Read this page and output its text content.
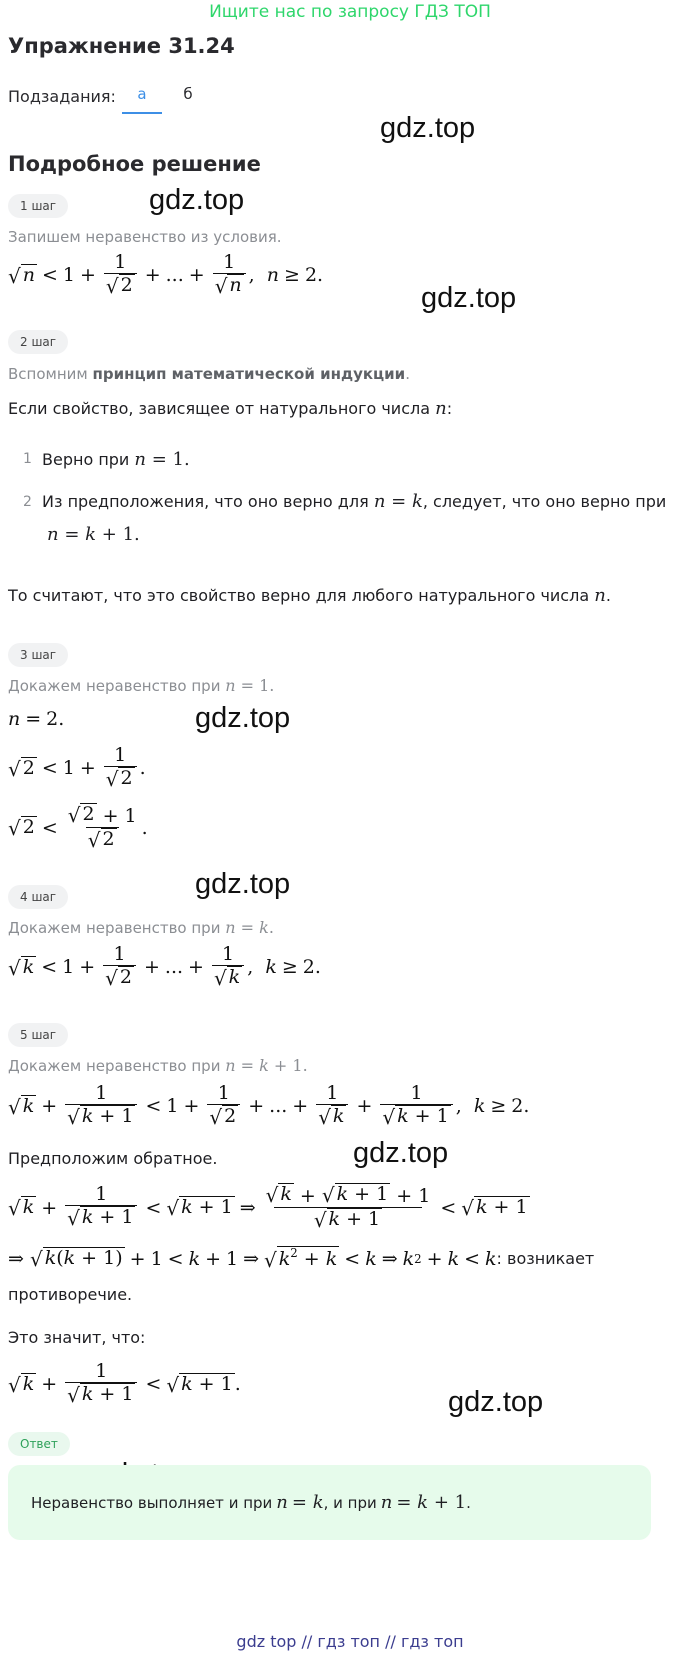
Ищите нас по запросу ГДЗ ТОП
Упражнение 31.24
Подзадания:	а	б
Подробное решение
gdz.top
gdz.top
gdz.top
gdz.top
gdz.top
gdz.top
gdz.top
1 шаг
Запишем неравенство из условия.
√ $n < 1 + \frac{1}{√ 2}$ + ... + $\frac{1}{√ n}$ , n ≥ 2.
2 шаг
Вспомним принцип математической индукции.
Если свойство, зависящее от натурального числа n:
1 Верно при n = 1.
2 Из предположения, что оно верно для n = k, следует, что оно верно при
n = k + 1.
То считают, что это свойство верно для любого натурального числа n.
3 шаг
Докажем неравенство при n = 1.
n = 2.
√ $2 < 1 + \frac{1}{√ 2}$ .
√ $2 < \frac{√ 2 + 1}{√ 2}$ .
4 шаг
Докажем неравенство при n = k.
√ $k < 1 + \frac{1}{√ 2}$ + ... + $\frac{1}{√ k}$ , k ≥ 2.
5 шаг
Докажем неравенство при n = k + 1.
√ $k + \frac{1}{√ k + 1} < 1 + \frac{1}{√ 2}$ + ... + $\frac{1}{√ k} + \frac{1}{√ k + 1}$ , k ≥ 2.
Предположим обратное.
√ $k + \frac{1}{√ k + 1}$ < √ k + 1 ⇒ $\frac{√ k + √ k + 1 + 1}{√ k + 1}$ < √ k + 1
⇒ √ k(k + 1) + 1 < k + 1 ⇒ √ $k^2 + k < k$ ⇒ k 2 + k < k : возникает
противоречие.
Это значит, что:
√ $k + \frac{1}{√ k + 1}$ < √ k + 1 .
Ответ
Неравенство выполняет и при n = k , и при n = k + 1 .
gdz top // гдз топ // гдз топ
